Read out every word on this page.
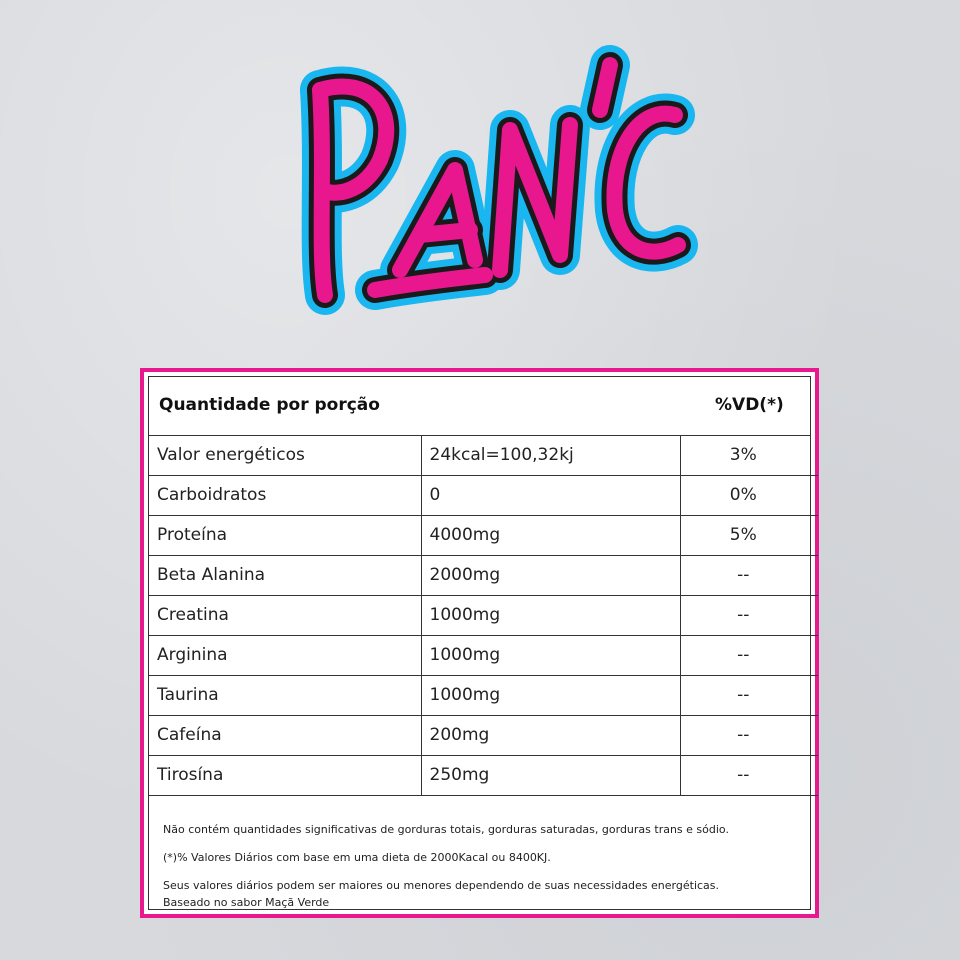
Quantidade por porção	%VD(*)
Valor energéticos	24kcal=100,32kj	3%
Carboidratos	0	0%
Proteína	4000mg	5%
Beta Alanina	2000mg	--
Creatina	1000mg	--
Arginina	1000mg	--
Taurina	1000mg	--
Cafeína	200mg	--
Tirosína	250mg	--

Não contém quantidades significativas de gorduras totais, gorduras saturadas, gorduras trans e sódio.

(*)% Valores Diários com base em uma dieta de 2000Kacal ou 8400KJ.

Seus valores diários podem ser maiores ou menores dependendo de suas necessidades energéticas.

Baseado no sabor Maçã Verde
